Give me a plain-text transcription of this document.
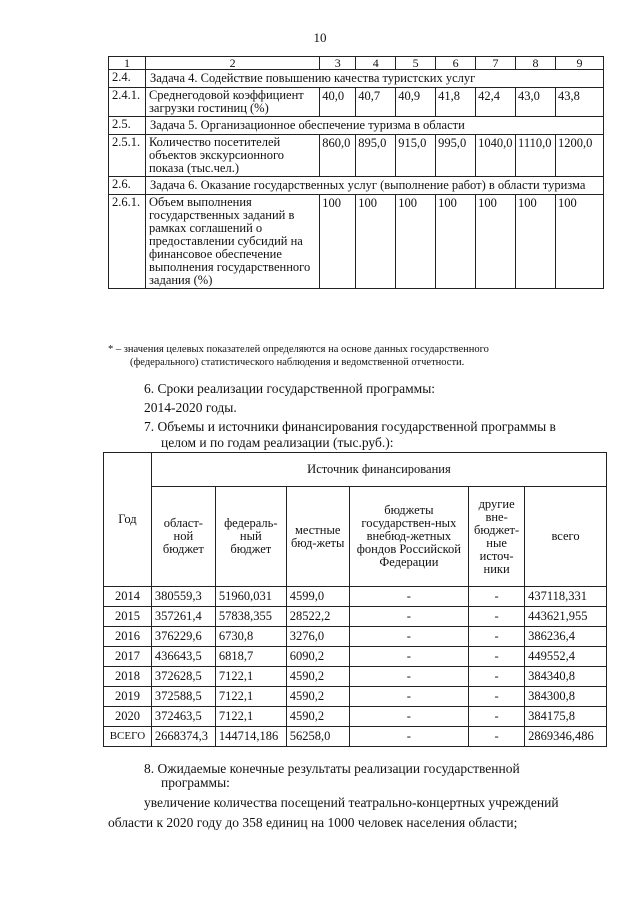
10
1	2	3	4	5	6	7	8	9
2.4.	Задача 4. Содействие повышению качества туристских услуг							
2.4.1.	Среднегодовой коэффициент загрузки гостиниц (%)	40,0	40,7	40,9	41,8	42,4	43,0	43,8
2.5.	Задача 5. Организационное обеспечение туризма в области							
2.5.1.	Количество посетителей объектов экскурсионного показа (тыс.чел.)	860,0	895,0	915,0	995,0	1040,0	1110,0	1200,0
2.6.	Задача 6. Оказание государственных услуг (выполнение работ) в области туризма							
2.6.1.	Объем выполнения государственных заданий в рамках соглашений о предоставлении субсидий на финансовое обеспечение выполнения государственного задания (%)	100	100	100	100	100	100	100
* – значения целевых показателей определяются на основе данных государственного
(федерального) статистического наблюдения и ведомственной отчетности.
6. Сроки реализации государственной программы:
2014-2020 годы.
7. Объемы и источники финансирования государственной программы в
целом и по годам реализации (тыс.руб.):
Год	Источник финансирования					
	област-ной бюджет	федераль-ный бюджет	местные бюд-жеты	бюджеты государствен-ных внебюд-жетных фондов Российской Федерации	другие вне-бюджет-ные источ-ники	всего
2014	380559,3	51960,031	4599,0	-	-	437118,331
2015	357261,4	57838,355	28522,2	-	-	443621,955
2016	376229,6	6730,8	3276,0	-	-	386236,4
2017	436643,5	6818,7	6090,2	-	-	449552,4
2018	372628,5	7122,1	4590,2	-	-	384340,8
2019	372588,5	7122,1	4590,2	-	-	384300,8
2020	372463,5	7122,1	4590,2	-	-	384175,8
ВСЕГО	2668374,3	144714,186	56258,0	-	-	2869346,486
8. Ожидаемые конечные результаты реализации государственной
программы:
увеличение количества посещений театрально-концертных учреждений
области к 2020 году до 358 единиц на 1000 человек населения области;
